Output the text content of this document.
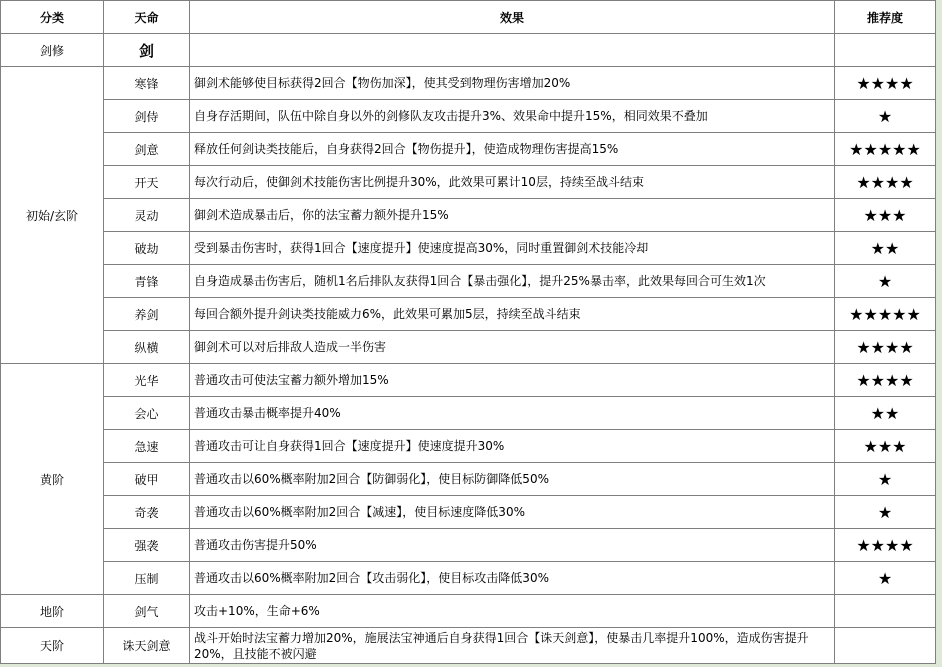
分类	天命	效果	推荐度
剑修	剑		
初始/玄阶	寒锋	御剑术能够使目标获得2回合【物伤加深】，使其受到物理伤害增加20%	★★★★
	剑侍	自身存活期间，队伍中除自身以外的剑修队友攻击提升3%、效果命中提升15%，相同效果不叠加	★
	剑意	释放任何剑诀类技能后，自身获得2回合【物伤提升】，使造成物理伤害提高15%	★★★★★
	开天	每次行动后，使御剑术技能伤害比例提升30%，此效果可累计10层，持续至战斗结束	★★★★
	灵动	御剑术造成暴击后，你的法宝蓄力额外提升15%	★★★
	破劫	受到暴击伤害时，获得1回合【速度提升】使速度提高30%，同时重置御剑术技能冷却	★★
	青锋	自身造成暴击伤害后，随机1名后排队友获得1回合【暴击强化】，提升25%暴击率，此效果每回合可生效1次	★
	养剑	每回合额外提升剑诀类技能威力6%，此效果可累加5层，持续至战斗结束	★★★★★
	纵横	御剑术可以对后排敌人造成一半伤害	★★★★
黄阶	光华	普通攻击可使法宝蓄力额外增加15%	★★★★
	会心	普通攻击暴击概率提升40%	★★
	急速	普通攻击可让自身获得1回合【速度提升】使速度提升30%	★★★
	破甲	普通攻击以60%概率附加2回合【防御弱化】，使目标防御降低50%	★
	奇袭	普通攻击以60%概率附加2回合【减速】，使目标速度降低30%	★
	强袭	普通攻击伤害提升50%	★★★★
	压制	普通攻击以60%概率附加2回合【攻击弱化】，使目标攻击降低30%	★
地阶	剑气	攻击+10%，生命+6%	
天阶	诛天剑意	战斗开始时法宝蓄力增加20%，施展法宝神通后自身获得1回合【诛天剑意】，使暴击几率提升100%，造成伤害提升20%，且技能不被闪避	
